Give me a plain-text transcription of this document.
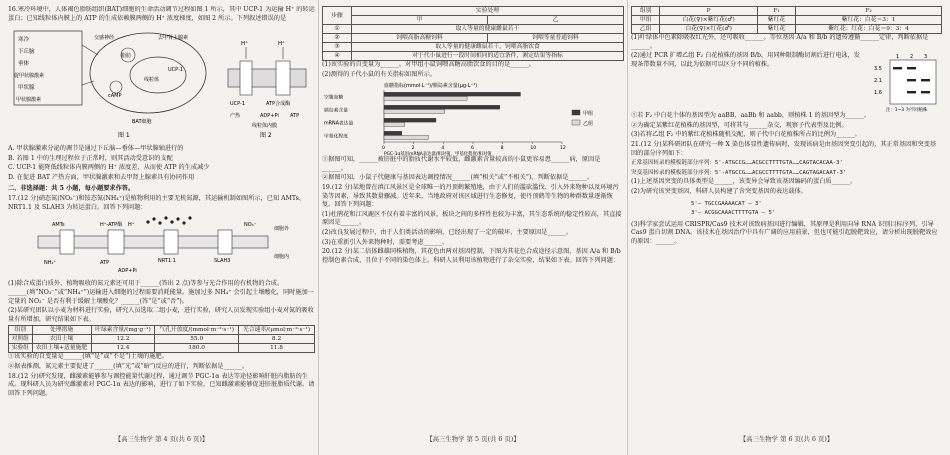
16.寒冷环境中，人体褐色脂肪组织(BAT)细胞的生命活动调节过程如图 1 所示，其中 UCP-1 为运输 H⁺ 的转运蛋白；已知线粒体内膜上的 ATP 的生成依赖膜两侧的 H⁺ 浓度梯度，如图 2 所示。下列叙述错误的是

寒冷
下丘脑
垂体
促甲状腺激素
甲状腺
甲状腺激素
交感神经	去甲肾上腺素
cAMP
脂肪
UCP-1
BAT细胞
线粒体
图 1
H⁺	H⁺
UCP-1	ATP合成酶
ADP+Pi ATP
线粒体内膜
产热
图 2

A. 甲状腺激素分泌的调节是通过下丘脑—垂体—甲状腺轴进行的

B. 若图 1 中的生理过程位于正常时，则其活动受意识的支配

C. UCP-1 能降低线粒体内膜两侧的 H⁺ 浓度差，从而使 ATP 的生成减少

D. 在促进 BAT 产热方面，甲状腺激素和去甲肾上腺素具有协同作用

二、非选择题：共 5 小题，每小题要求作答。

17.(12 分)硝态氮(NO₃⁻)和铵态氮(NH₄⁺)是植物利用的主要无机氮源，其运输机制如图所示，已知 AMTs、NRT1.1 及 SLAH3 为转运蛋白。回答下列问题：

AMTs	H⁺-ATP酶
NRT1.1	SLAH3
ATP
ADP+Pi
H⁺	NO₃⁻
NH₄⁺
细胞内
细胞外

(1)除合成蛋白质外，植物吸收的氮元素还可用于______(答出 2 点)等参与光合作用的有机物的合成。______(填“NO₃⁻”或“NH₄⁺”)运输进入细胞的过程需要消耗能量。施加过多 NH₄⁺ 会引起土壤酸化，同时施加一定量的 NO₃⁻ 是否有利于缓解土壤酸化？______(答“是”或“否”)。

(2)某研究团队以小麦为材料进行实验，研究人员选取二组小麦，进行实验，研究人员发现实验组小麦对氮的吸收量有所增加，研究结果如下表。

组别	处理措施	叶绿素含量/(mg·g⁻¹)	气孔开放度/(mmol·m⁻²·s⁻¹)	光合速率/(μmol·m⁻²·s⁻¹)
对照组	农田土壤	12.2	55.0	8.2
实验组	农田土壤+适量施肥	12.4	180.0	11.8

①该实验的自变量是______(填“是”或“不是”)土壤的施肥。

②据表推测，氮元素主要促进了______(填“光”或“暗”)反应的进行，判断依据是______。

18.(12 分)研究发现，雌激素能够参与调控能量代谢过程，通过调节 PGC-1α 表达等途径影响肝脏内脂肪的生成。现科研人员为研究雌激素对 PGC-1α 表达的影响，进行了如下实验，已知雌激素能够促进肝脏脂质代谢。请回答下列问题。

【高三生物学 第 4 页(共 6 页)】
步骤	实验处理	
	甲	乙
①	取人等量的健康雌鼠若干	
②	饲喂高脂高糖饲料	饲喂等量普通饲料
③	取人等量的健康雌鼠若干，饲喂高脂饮食	
④	对于代小鼠进行一段时间相同的适宜条件，测定结果等指标	

(1)该实验的自变量为______。对甲组小鼠饲喂高糖高脂饮食的目的是______。

(2)测得的子代小鼠的有关指标如图所示。

血糖指标(mmol·L⁻¹)/胰岛素含量(μg·L⁻¹)
0	2	4	6	8	10	12
空腹血糖
胰岛素含量
mRNA表达量
甲基化程度
PGC-1α基因mRNA表达量/相对值、甲基化程度/相对值
甲组
乙组

①据图可知，______被肝脏中的脂质代谢水平较低，雌激素含量较高的小鼠更容易患______病，原因是______。

②据图可知，小鼠子代健康与基因表达调控情况______(填“相关”或“不相关”)，判断依据是______。

19.(12 分)某地曾在滇江风景区是全球唯一的丹顶鹤繁殖地，由于人们的滥砍滥伐、引入外来物种以及环境污染等因素，导致其数量骤减。近年来，当地政府对该区域进行生态修复，使丹顶鹤等生物的种群数量逐渐恢复。回答下列问题：

(1)杜鹃花和江风鹿区不仅有着丰富的风景，板块之间的多样性也较为丰富，其生态系统的稳定性较高，其直接原因是______。

(2)改良发展过程中，由于人们类活动的影响，已经出现了一定的破坏，主要原因是______。

(3)在重新引入外来物种时，需要考虑______。

20.(12 分)某二倍体雌雄同株植物，其花色由两对基因控制，下图为其花色合成途径示意图，基因 A/a 和 B/b 控制色素合成，且位于不同的染色体上。科研人员利用该植物进行了杂交实验，结果如下表。回答下列问题：

【高三生物学 第 5 页(共 6 页)】
组别	P	F₁	F₂
甲组	白花(♀)×紫红花(♂)	紫红花	紫红花：白花＝3：1
乙组	白花(♀)×红花(♂)	紫红花	紫红花：红花：白花＝9：3：4

(1)叶绿体中色素除吸收红光外，还可吸收______。等位基因 A/a 和 B/b 的遗传遵循______定律，判断依据是______。

(2)通过 PCR 扩增乙组 F₂ 白花植株的基因 B/b，用同种限制酶切割后进行电泳，发现条带数量不同，以此为依据可以区分不同的植株。

1 2 3
3.5
2.1
1.6
注：1~3 为不同植株

①若 F₂ 中白花个体的基因型为 aaBB、aaBb 和 aabb，则植株 1 的基因型为______。

②为确定某紫红花植株的基因型，可将其与______杂交，观察子代表型及比例。

(3)若将乙组 F₂ 中的紫红花植株随机交配，则子代中白花植株所占的比例为______。

21.(12 分)某科研团队在研究一种 X 染色体显性遗传病时，发现该病是由基因突变引起的，其正常基因和突变基因的部分序列如下：

正常基因转录的模板链部分序列：5'-ATGCCG……ACGCCTTTTGTA……CAGTACACAA-3'

突变基因转录的模板链部分序列：5'-ATGCCG……ACGCCTTTTGTA……CAGTAGACAAT-3'

(1)上述基因突变的具体类型是______，该变异会导致该基因编码的蛋白质______。

(2)为研究该突变基因，科研人员构建了含突变基因的表达载体。

5'— TGCCGAAAACAT — 3'

3'— ACGGCAAACTTTTGTA — 5'

(3)科学家尝试运用 CRISPR/Cas9 技术对该致病基因进行编辑，其原理是利用向导 RNA 识别目标序列，引导 Cas9 蛋白切割 DNA。该技术在基因治疗中具有广阔的应用前景，但也可能引起脱靶效应，请分析出现脱靶效应的原因：______。

【高三生物学 第 6 页(共 6 页)】
